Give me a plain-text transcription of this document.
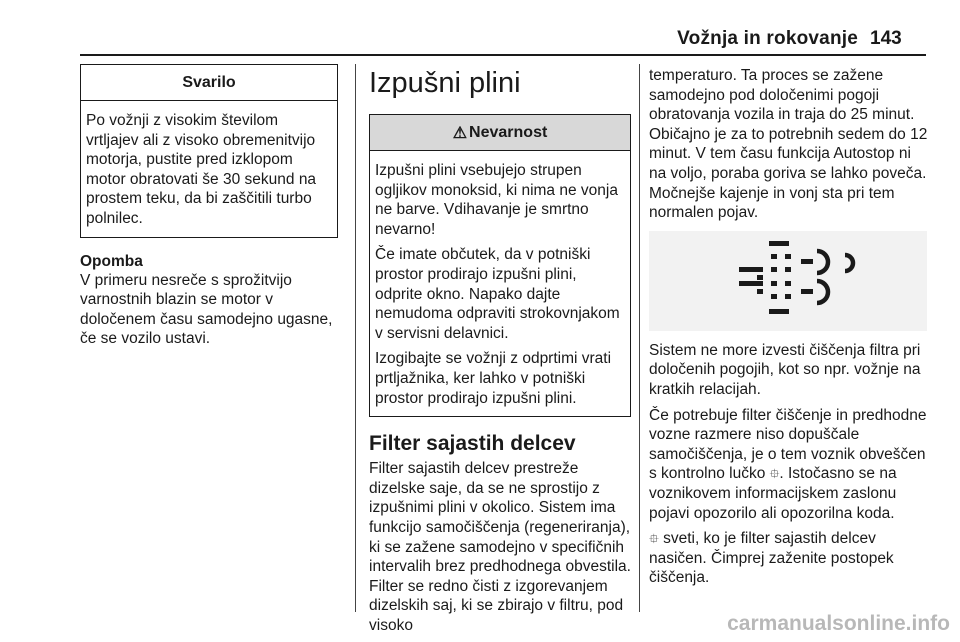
Vožnja in rokovanje 143
Svarilo

Po vožnji z visokim številom vrtljajev ali z visoko obremenitvijo motorja, pustite pred izklopom motor obratovati še 30 sekund na prostem teku, da bi zaščitili turbo polnilec.

Opomba

V primeru nesreče s sprožitvijo varnostnih blazin se motor v določenem času samodejno ugasne, če se vozilo ustavi.

Izpušni plini
⚠ Nevarnost

Izpušni plini vsebujejo strupen ogljikov monoksid, ki nima ne vonja ne barve. Vdihavanje je smrtno nevarno!

Če imate občutek, da v potniški prostor prodirajo izpušni plini, odprite okno. Napako dajte nemudoma odpraviti strokovnjakom v servisni delavnici.

Izogibajte se vožnji z odprtimi vrati prtljažnika, ker lahko v potniški prostor prodirajo izpušni plini.

Filter sajastih delcev

Filter sajastih delcev prestreže dizelske saje, da se ne sprostijo z izpušnimi plini v okolico. Sistem ima funkcijo samočiščenja (regeneriranja), ki se zažene samodejno v specifičnih intervalih brez predhodnega obvestila. Filter se redno čisti z izgorevanjem dizelskih saj, ki se zbirajo v filtru, pod visoko

temperaturo. Ta proces se zažene samodejno pod določenimi pogoji obratovanja vozila in traja do 25 minut. Običajno je za to potrebnih sedem do 12 minut. V tem času funkcija Autostop ni na voljo, poraba goriva se lahko poveča. Močnejše kajenje in vonj sta pri tem normalen pojav.

Sistem ne more izvesti čiščenja filtra pri določenih pogojih, kot so npr. vožnje na kratkih relacijah.

Če potrebuje filter čiščenje in predhodne vozne razmere niso dopuščale samočiščenja, je o tem voznik obveščen s kontrolno lučko ⯐. Istočasno se na voznikovem informacijskem zaslonu pojavi opozorilo ali opozorilna koda.

⯐ sveti, ko je filter sajastih delcev nasičen. Čimprej zaženite postopek čiščenja.

carmanualsonline.info
